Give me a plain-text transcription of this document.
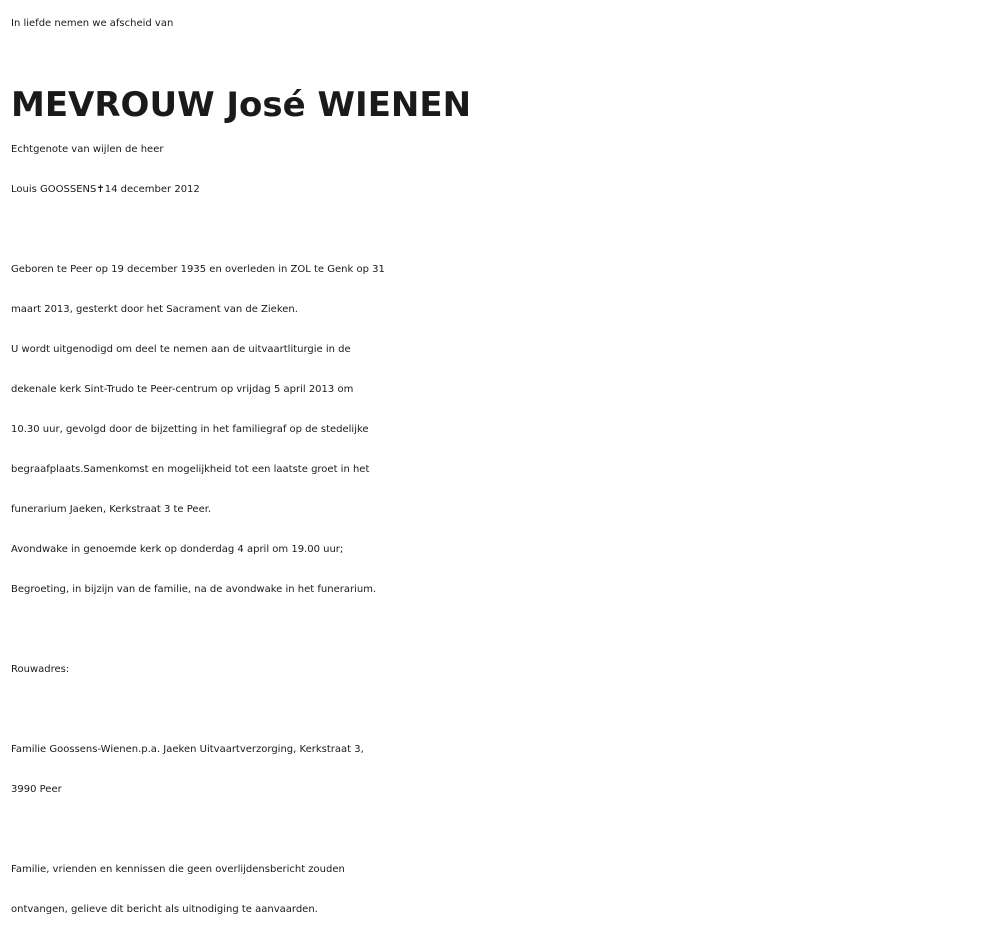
In liefde nemen we afscheid van
MEVROUW José WIENEN
Echtgenote van wijlen de heer
Louis GOOSSENS✝14 december 2012
Geboren te Peer op 19 december 1935 en overleden in ZOL te Genk op 31
maart 2013, gesterkt door het Sacrament van de Zieken.
U wordt uitgenodigd om deel te nemen aan de uitvaartliturgie in de
dekenale kerk Sint-Trudo te Peer-centrum op vrijdag 5 april 2013 om
10.30 uur, gevolgd door de bijzetting in het familiegraf op de stedelijke
begraafplaats.Samenkomst en mogelijkheid tot een laatste groet in het
funerarium Jaeken, Kerkstraat 3 te Peer.
Avondwake in genoemde kerk op donderdag 4 april om 19.00 uur;
Begroeting, in bijzijn van de familie, na de avondwake in het funerarium.
Rouwadres:
Familie Goossens-Wienen.p.a. Jaeken Uitvaartverzorging, Kerkstraat 3,
3990 Peer
Familie, vrienden en kennissen die geen overlijdensbericht zouden
ontvangen, gelieve dit bericht als uitnodiging te aanvaarden.
